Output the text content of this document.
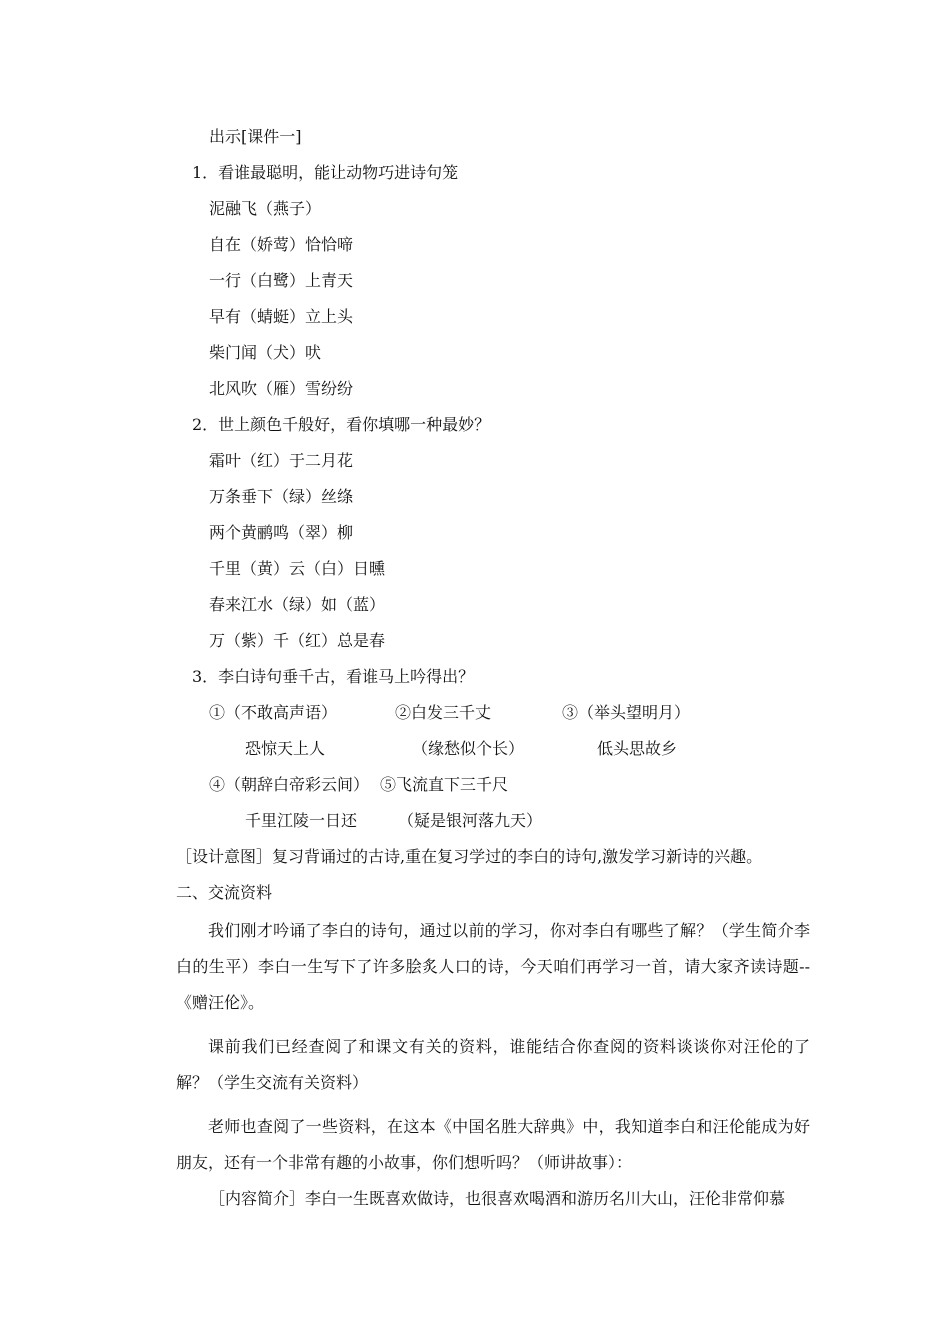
出示[课件一]
1．看谁最聪明，能让动物巧进诗句笼
泥融飞（燕子）
自在（娇莺）恰恰啼
一行（白鹭）上青天
早有（蜻蜓）立上头
柴门闻（犬）吠
北风吹（雁）雪纷纷
2．世上颜色千般好，看你填哪一种最妙？
霜叶（红）于二月花
万条垂下（绿）丝绦
两个黄鹂鸣（翠）柳
千里（黄）云（白）日曛
春来江水（绿）如（蓝）
万（紫）千（红）总是春
3．李白诗句垂千古，看谁马上吟得出？
①（不敢高声语）	②白发三千丈	③（举头望明月）
恐惊天上人	（缘愁似个长）	低头思故乡
④（朝辞白帝彩云间） ⑤飞流直下三千尺
千里江陵一日还	（疑是银河落九天）
［设计意图］复习背诵过的古诗,重在复习学过的李白的诗句,激发学习新诗的兴趣。
二、交流资料
我们刚才吟诵了李白的诗句，通过以前的学习，你对李白有哪些了解？（学生简介李白的生平）李白一生写下了许多脍炙人口的诗，今天咱们再学习一首，请大家齐读诗题--《赠汪伦》。
课前我们已经查阅了和课文有关的资料，谁能结合你查阅的资料谈谈你对汪伦的了解？（学生交流有关资料）
老师也查阅了一些资料，在这本《中国名胜大辞典》中，我知道李白和汪伦能成为好朋友，还有一个非常有趣的小故事，你们想听吗？（师讲故事）：
［内容简介］李白一生既喜欢做诗，也很喜欢喝酒和游历名川大山，汪伦非常仰慕
